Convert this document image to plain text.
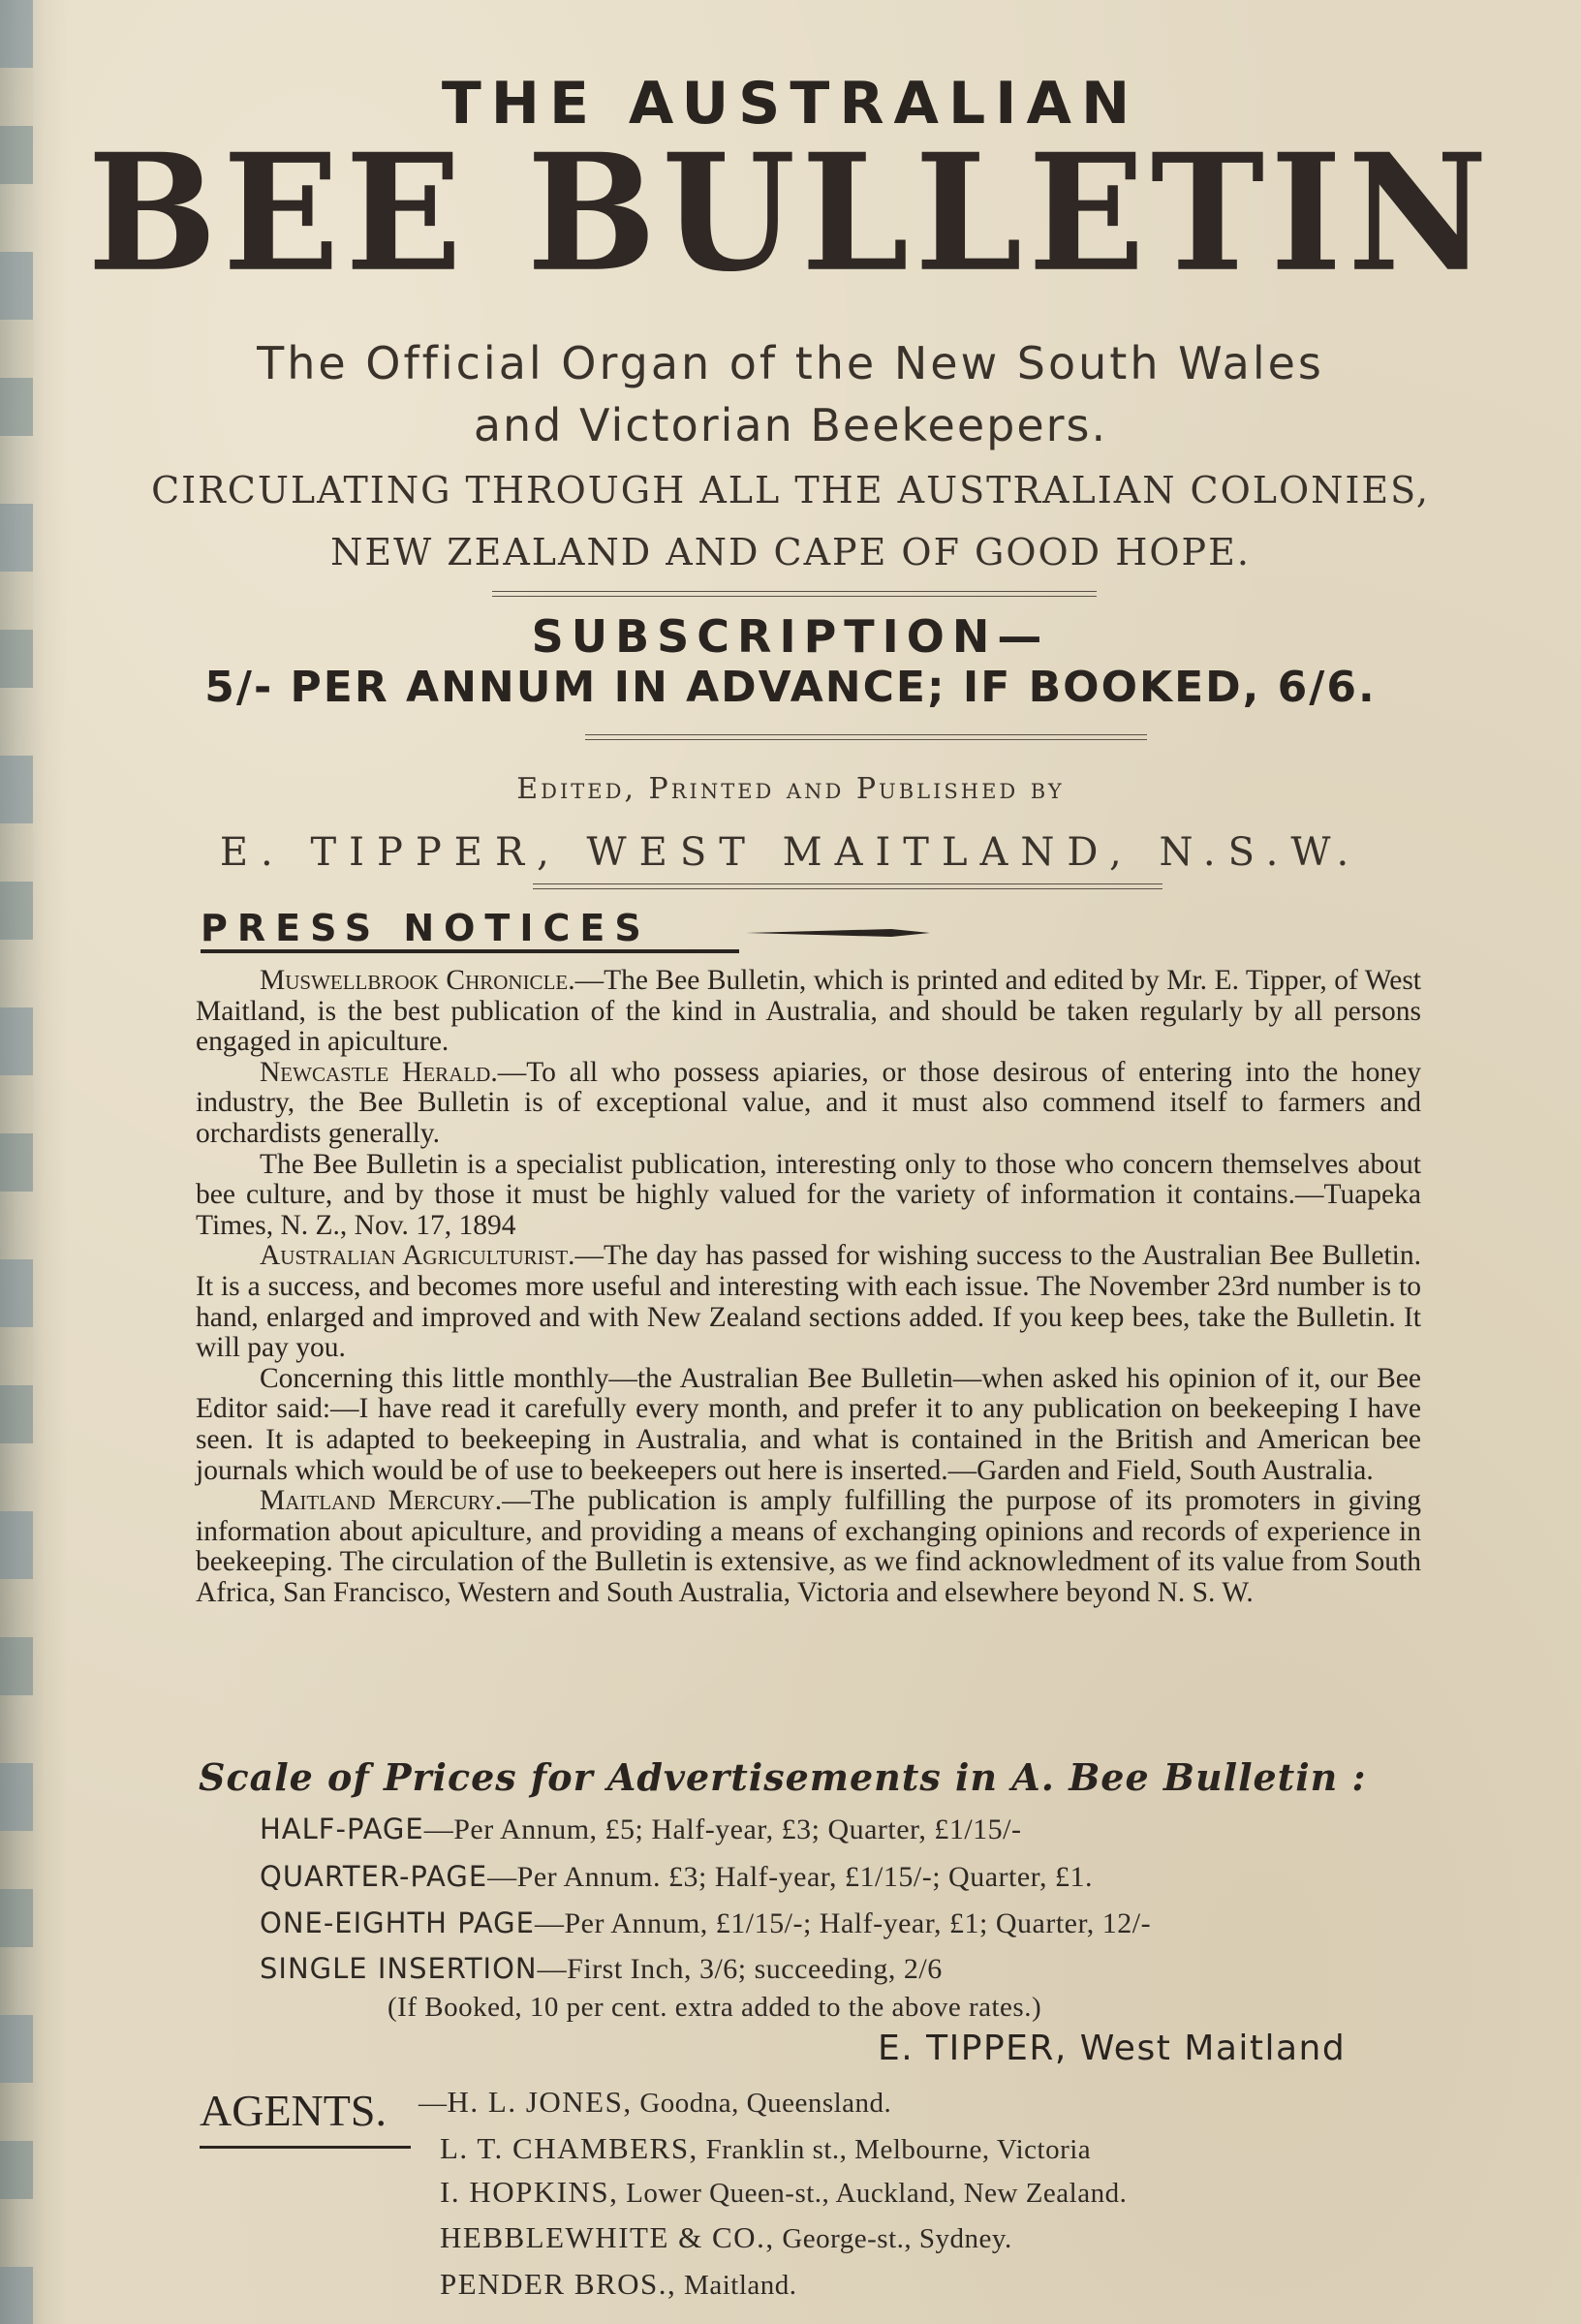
THE AUSTRALIAN
BEE BULLETIN
The Official Organ of the New South Wales
and Victorian Beekeepers.
CIRCULATING THROUGH ALL THE AUSTRALIAN COLONIES,
NEW ZEALAND AND CAPE OF GOOD HOPE.
SUBSCRIPTION—
5/- PER ANNUM IN ADVANCE; IF BOOKED, 6/6.
Edited, Printed and Published by
E. TIPPER, WEST MAITLAND, N.S.W.
PRESS NOTICES

Muswellbrook Chronicle.—The Bee Bulletin, which is printed and edited by Mr. E. Tipper, of West Maitland, is the best publication of the kind in Australia, and should be taken regularly by all persons engaged in apiculture.

Newcastle Herald.—To all who possess apiaries, or those desirous of entering into the honey industry, the Bee Bulletin is of exceptional value, and it must also commend itself to farmers and orchardists generally.

The Bee Bulletin is a specialist publication, interesting only to those who concern themselves about bee culture, and by those it must be highly valued for the variety of information it contains.—Tuapeka Times, N. Z., Nov. 17, 1894

Australian Agriculturist.—The day has passed for wishing success to the Australian Bee Bulletin. It is a success, and becomes more useful and interesting with each issue. The November 23rd number is to hand, enlarged and improved and with New Zealand sections added. If you keep bees, take the Bulletin. It will pay you.

Concerning this little monthly—the Australian Bee Bulletin—when asked his opinion of it, our Bee Editor said:—I have read it carefully every month, and prefer it to any publication on beekeeping I have seen. It is adapted to beekeeping in Australia, and what is contained in the British and American bee journals which would be of use to beekeepers out here is inserted.—Garden and Field, South Australia.

Maitland Mercury.—The publication is amply fulfilling the purpose of its promoters in giving information about apiculture, and providing a means of exchanging opinions and records of experience in beekeeping. The circulation of the Bulletin is extensive, as we find acknowledment of its value from South Africa, San Francisco, Western and South Australia, Victoria and elsewhere beyond N. S. W.

Scale of Prices for Advertisements in A. Bee Bulletin :
HALF-PAGE—Per Annum, £5; Half-year, £3; Quarter, £1/15/-
QUARTER-PAGE—Per Annum. £3; Half-year, £1/15/-; Quarter, £1.
ONE-EIGHTH PAGE—Per Annum, £1/15/-; Half-year, £1; Quarter, 12/-
SINGLE INSERTION—First Inch, 3/6; succeeding, 2/6
(If Booked, 10 per cent. extra added to the above rates.)
E. TIPPER, West Maitland
AGENTS. —H. L. JONES, Goodna, Queensland.
L. T. CHAMBERS, Franklin st., Melbourne, Victoria
I. HOPKINS, Lower Queen-st., Auckland, New Zealand.
HEBBLEWHITE & CO., George-st., Sydney.
PENDER BROS., Maitland.
